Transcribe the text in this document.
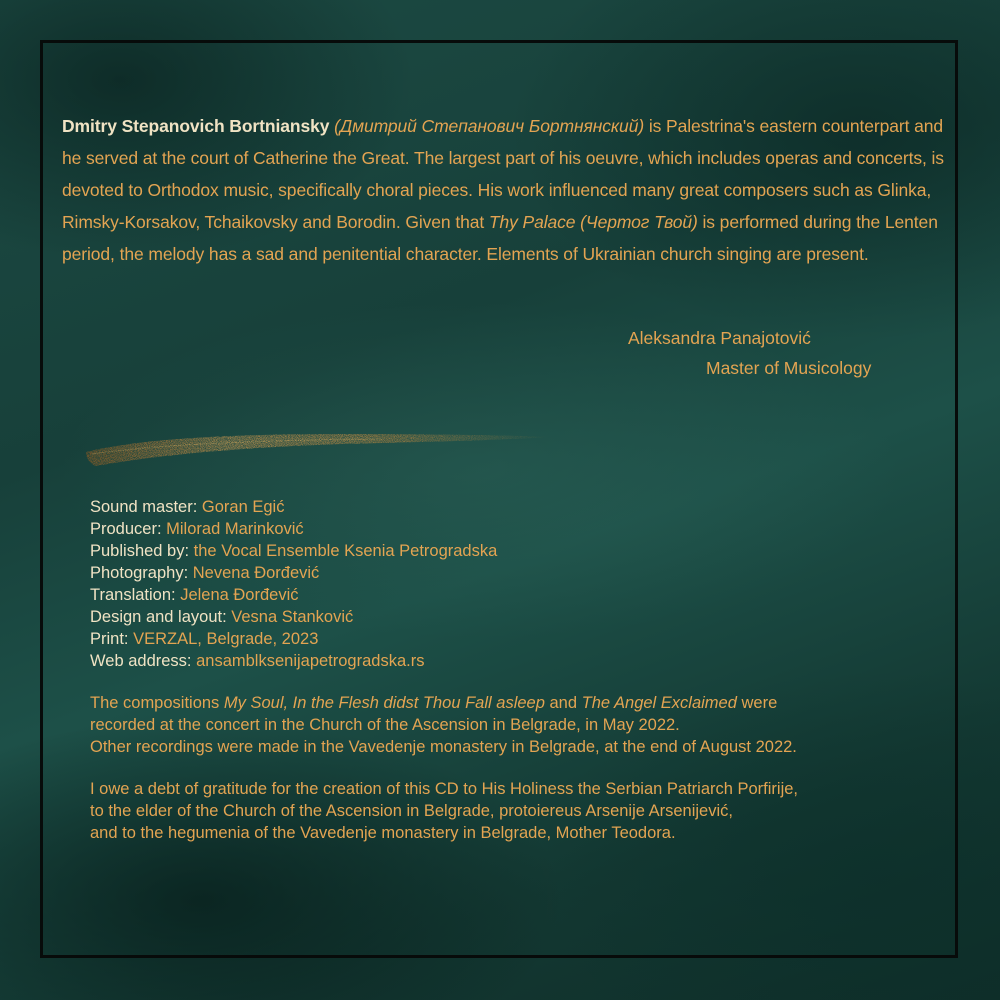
Dmitry Stepanovich Bortniansky (Дмитрий Степанович Бортнянский) is Palestrina's eastern counterpart and he served at the court of Catherine the Great. The largest part of his oeuvre, which includes operas and concerts, is devoted to Orthodox music, specifically choral pieces. His work influenced many great composers such as Glinka, Rimsky-Korsakov, Tchaikovsky and Borodin. Given that Thy Palace (Чертог Твой) is performed during the Lenten period, the melody has a sad and penitential character. Elements of Ukrainian church singing are present.
Aleksandra Panajotović
Master of Musicology
Sound master: Goran Egić
Producer: Milorad Marinković
Published by: the Vocal Ensemble Ksenia Petrogradska
Photography: Nevena Đorđević
Translation: Jelena Đorđević
Design and layout: Vesna Stanković
Print: VERZAL, Belgrade, 2023
Web address: ansamblksenijapetrogradska.rs
The compositions My Soul, In the Flesh didst Thou Fall asleep and The Angel Exclaimed were
recorded at the concert in the Church of the Ascension in Belgrade, in May 2022.
Other recordings were made in the Vavedenje monastery in Belgrade, at the end of August 2022.
I owe a debt of gratitude for the creation of this CD to His Holiness the Serbian Patriarch Porfirije,
to the elder of the Church of the Ascension in Belgrade, protoiereus Arsenije Arsenijević,
and to the hegumenia of the Vavedenje monastery in Belgrade, Mother Teodora.
